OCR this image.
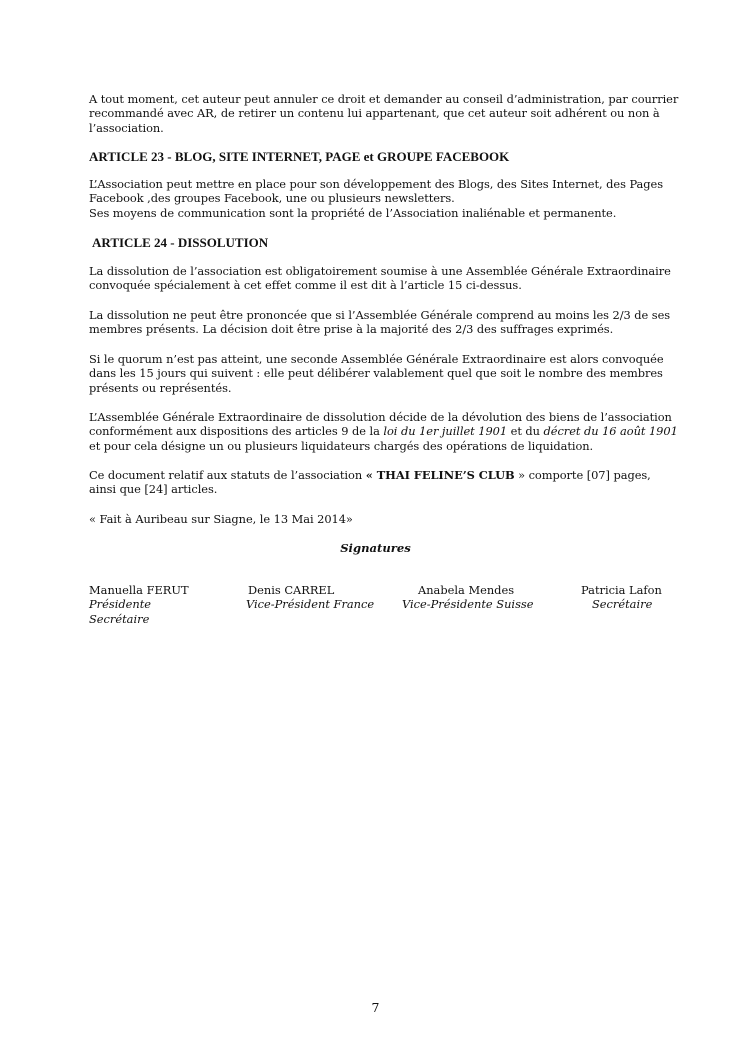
A tout moment, cet auteur peut annuler ce droit et demander au conseil d’administration, par courrier
recommandé avec AR, de retirer un contenu lui appartenant, que cet auteur soit adhérent ou non à
l’association.

ARTICLE 23 - BLOG, SITE INTERNET, PAGE et GROUPE FACEBOOK

L’Association peut mettre en place pour son développement des Blogs, des Sites Internet, des Pages
Facebook ,des groupes Facebook, une ou plusieurs newsletters.
Ses moyens de communication sont la propriété de l’Association inaliénable et permanente.

ARTICLE 24 - DISSOLUTION

La dissolution de l’association est obligatoirement soumise à une Assemblée Générale Extraordinaire
convoquée spécialement à cet effet comme il est dit à l’article 15 ci-dessus.

La dissolution ne peut être prononcée que si l’Assemblée Générale comprend au moins les 2/3 de ses
membres présents. La décision doit être prise à la majorité des 2/3 des suffrages exprimés.

Si le quorum n’est pas atteint, une seconde Assemblée Générale Extraordinaire est alors convoquée
dans les 15 jours qui suivent : elle peut délibérer valablement quel que soit le nombre des membres
présents ou représentés.

L’Assemblée Générale Extraordinaire de dissolution décide de la dévolution des biens de l’association
conformément aux dispositions des articles 9 de la loi du 1er juillet 1901 et du décret du 16 août 1901
et pour cela désigne un ou plusieurs liquidateurs chargés des opérations de liquidation.

Ce document relatif aux statuts de l’association « THAI FELINE’S CLUB » comporte [07] pages,
ainsi que [24] articles.

« Fait à Auribeau sur Siagne, le 13 Mai 2014»

Signatures
Manuella FERUT
Présidente
Secrétaire
Denis CARREL
Vice-Président France
Anabela Mendes
Vice-Présidente Suisse
Patricia Lafon
Secrétaire
7
